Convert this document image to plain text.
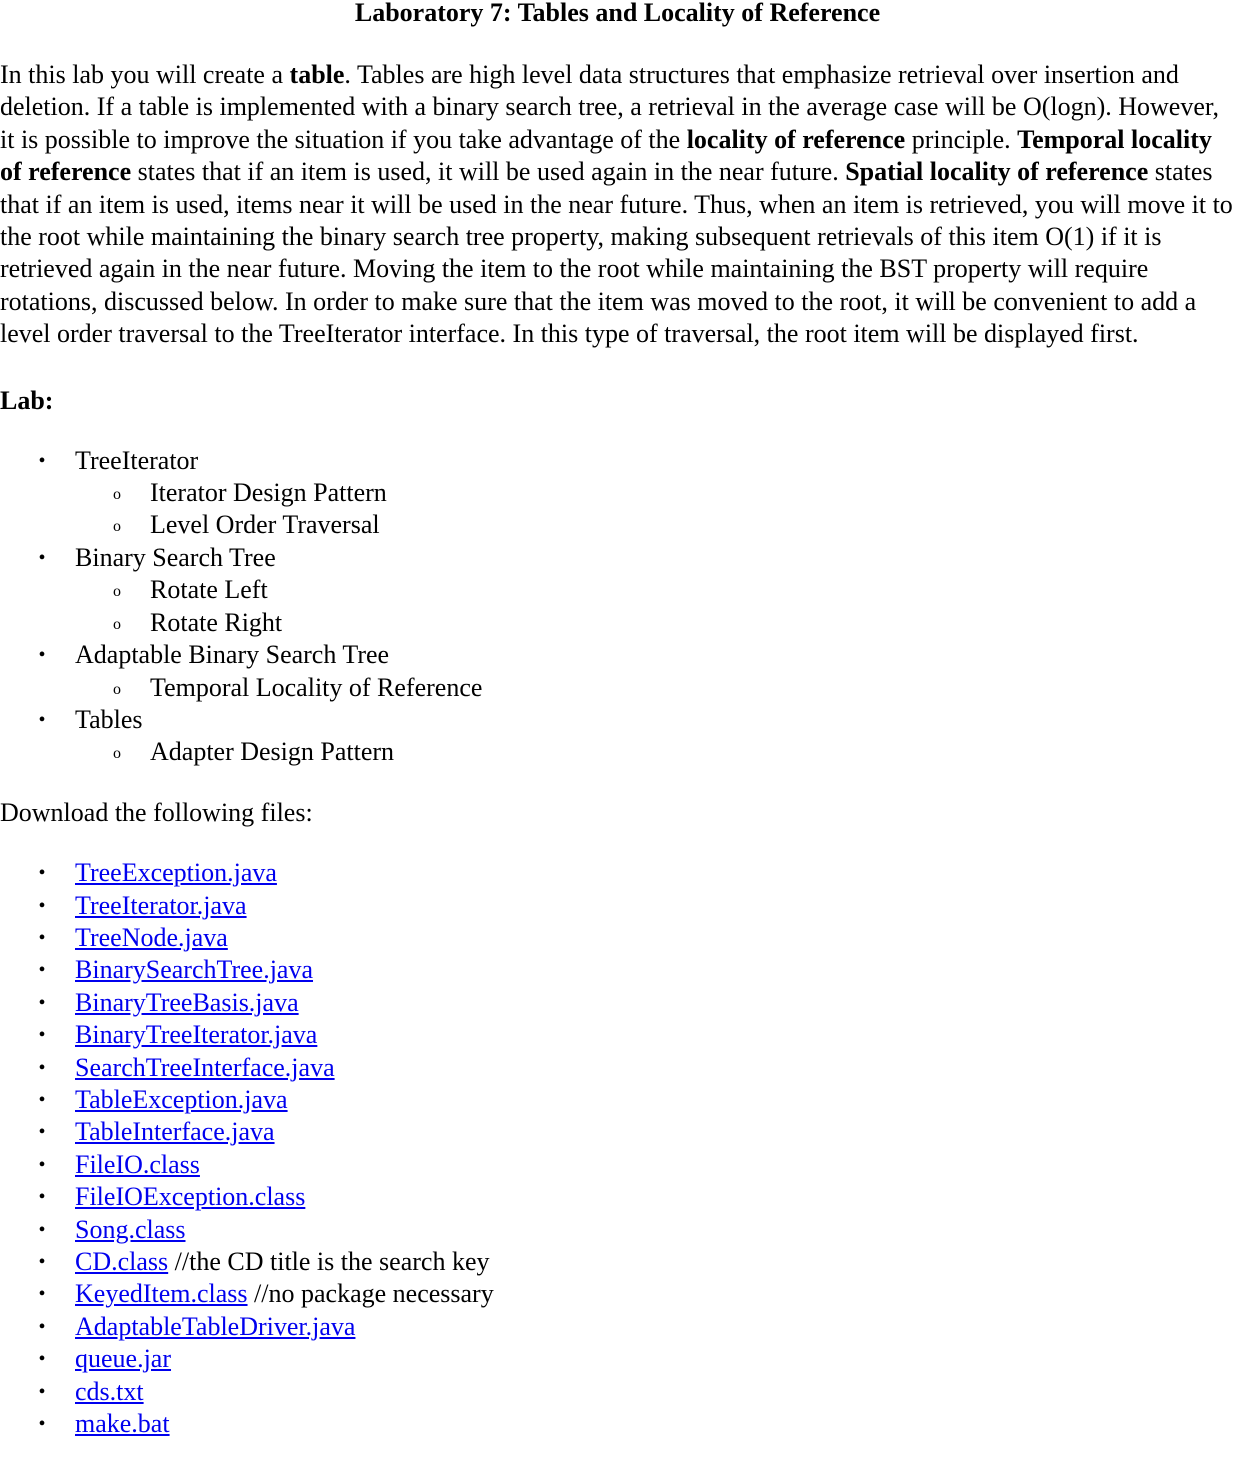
Laboratory 7: Tables and Locality of Reference

In this lab you will create a table. Tables are high level data structures that emphasize retrieval over insertion and deletion. If a table is implemented with a binary search tree, a retrieval in the average case will be O(logn). However, it is possible to improve the situation if you take advantage of the locality of reference principle. Temporal locality of reference states that if an item is used, it will be used again in the near future. Spatial locality of reference states that if an item is used, items near it will be used in the near future. Thus, when an item is retrieved, you will move it to the root while maintaining the binary search tree property, making subsequent retrievals of this item O(1) if it is retrieved again in the near future. Moving the item to the root while maintaining the BST property will require rotations, discussed below. In order to make sure that the item was moved to the root, it will be convenient to add a level order traversal to the TreeIterator interface. In this type of traversal, the root item will be displayed first.

Lab:
• TreeIterator
o Iterator Design Pattern
o Level Order Traversal
• Binary Search Tree
o Rotate Left
o Rotate Right
• Adaptable Binary Search Tree
o Temporal Locality of Reference
• Tables
o Adapter Design Pattern

Download the following files:

• TreeException.java
• TreeIterator.java
• TreeNode.java
• BinarySearchTree.java
• BinaryTreeBasis.java
• BinaryTreeIterator.java
• SearchTreeInterface.java
• TableException.java
• TableInterface.java
• FileIO.class
• FileIOException.class
• Song.class
• CD.class //the CD title is the search key
• KeyedItem.class //no package necessary
• AdaptableTableDriver.java
• queue.jar
• cds.txt
• make.bat
